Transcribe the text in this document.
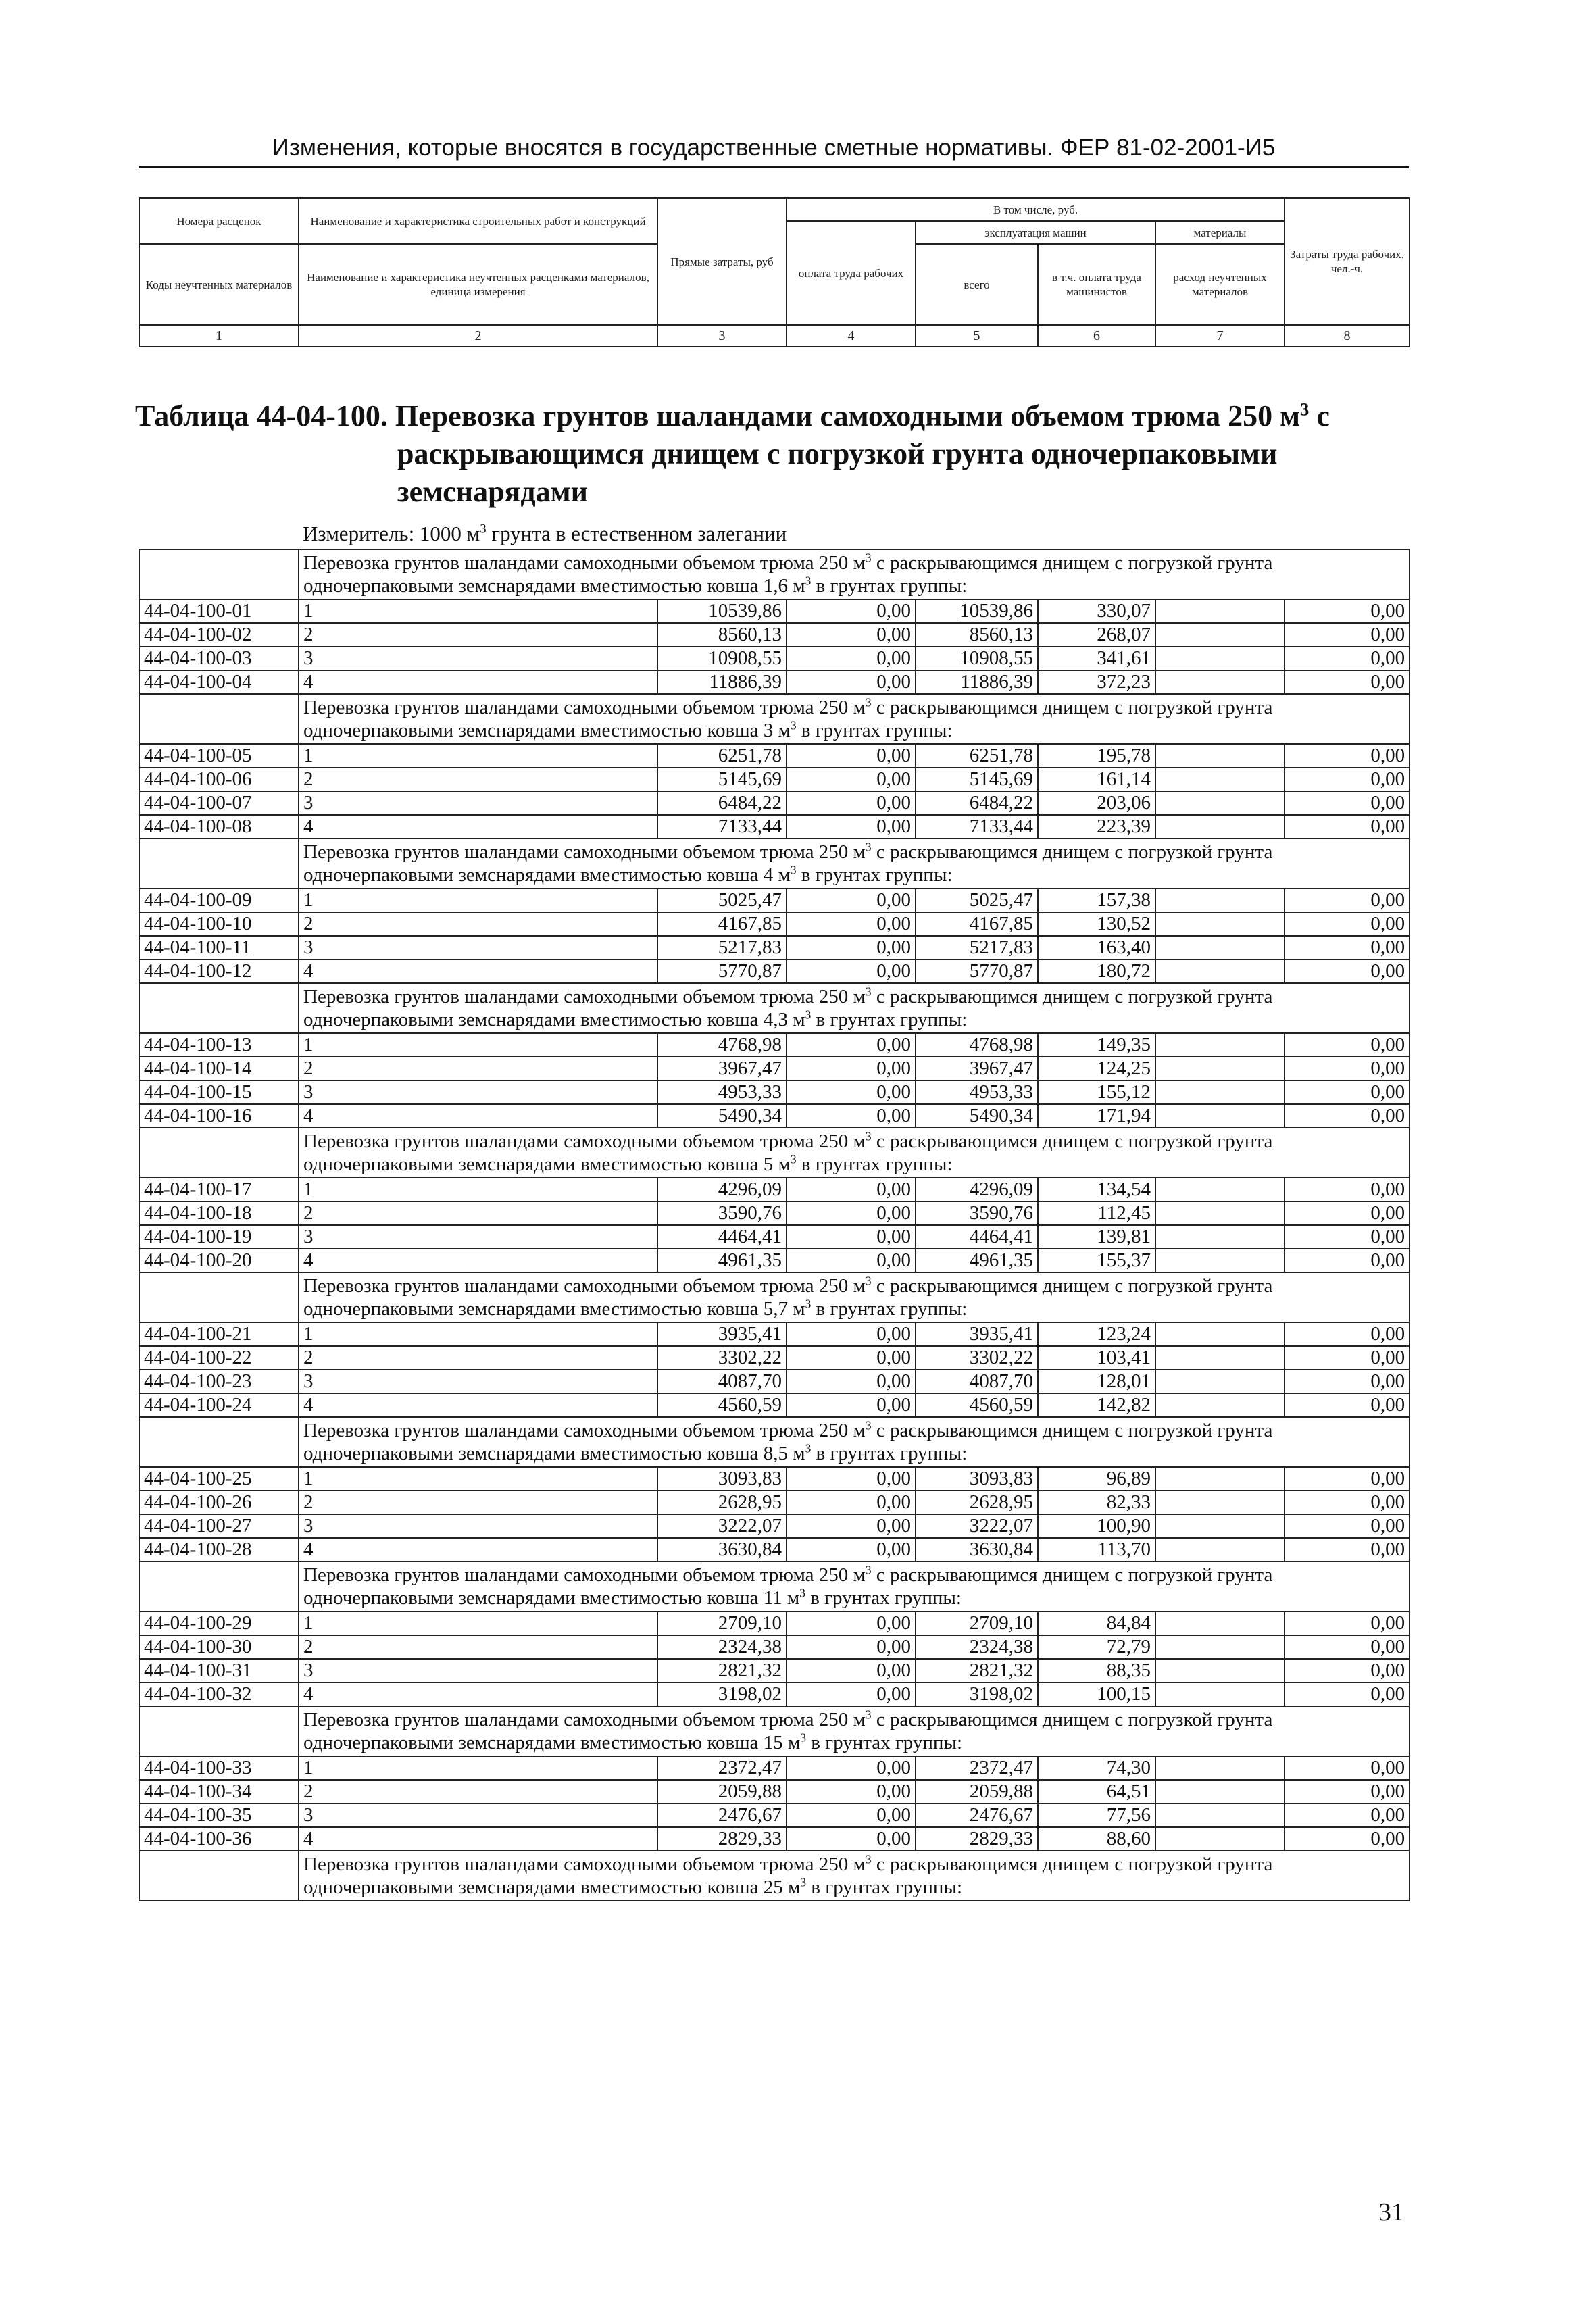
Изменения, которые вносятся в государственные сметные нормативы. ФЕР 81-02-2001-И5
Номера расценок	Наименование и характеристика строительных работ и конструкций	Прямые затраты, руб	В том числе, руб.				Затраты труда рабочих, чел.-ч.
			оплата труда рабочих	эксплуатация машин		материалы	
Коды неучтенных материалов	Наименование и характеристика неучтенных расценками материалов, единица измерения			всего	в т.ч. оплата труда машинистов	расход неучтенных материалов	

1	2	3	4	5	6	7	8
Таблица 44-04-100. Перевозка грунтов шаландами самоходными объемом трюма 250 $м^3$ с
раскрывающимся днищем с погрузкой грунта одночерпаковыми
земснарядами
Измеритель: 1000 $м^3$ грунта в естественном залегании
	Перевозка грунтов шаландами самоходными объемом трюма 250 $м^3$ с раскрывающимся днищем с погрузкой грунта одночерпаковыми земснарядами вместимостью ковша 1,6 $м^3$ в грунтах группы:						
44-04-100-01	1	10539,86	0,00	10539,86	330,07		0,00
44-04-100-02	2	8560,13	0,00	8560,13	268,07		0,00
44-04-100-03	3	10908,55	0,00	10908,55	341,61		0,00
44-04-100-04	4	11886,39	0,00	11886,39	372,23		0,00
	Перевозка грунтов шаландами самоходными объемом трюма 250 $м^3$ с раскрывающимся днищем с погрузкой грунта одночерпаковыми земснарядами вместимостью ковша 3 $м^3$ в грунтах группы:						
44-04-100-05	1	6251,78	0,00	6251,78	195,78		0,00
44-04-100-06	2	5145,69	0,00	5145,69	161,14		0,00
44-04-100-07	3	6484,22	0,00	6484,22	203,06		0,00
44-04-100-08	4	7133,44	0,00	7133,44	223,39		0,00
	Перевозка грунтов шаландами самоходными объемом трюма 250 $м^3$ с раскрывающимся днищем с погрузкой грунта одночерпаковыми земснарядами вместимостью ковша 4 $м^3$ в грунтах группы:						
44-04-100-09	1	5025,47	0,00	5025,47	157,38		0,00
44-04-100-10	2	4167,85	0,00	4167,85	130,52		0,00
44-04-100-11	3	5217,83	0,00	5217,83	163,40		0,00
44-04-100-12	4	5770,87	0,00	5770,87	180,72		0,00
	Перевозка грунтов шаландами самоходными объемом трюма 250 $м^3$ с раскрывающимся днищем с погрузкой грунта одночерпаковыми земснарядами вместимостью ковша 4,3 $м^3$ в грунтах группы:						
44-04-100-13	1	4768,98	0,00	4768,98	149,35		0,00
44-04-100-14	2	3967,47	0,00	3967,47	124,25		0,00
44-04-100-15	3	4953,33	0,00	4953,33	155,12		0,00
44-04-100-16	4	5490,34	0,00	5490,34	171,94		0,00
	Перевозка грунтов шаландами самоходными объемом трюма 250 $м^3$ с раскрывающимся днищем с погрузкой грунта одночерпаковыми земснарядами вместимостью ковша 5 $м^3$ в грунтах группы:						
44-04-100-17	1	4296,09	0,00	4296,09	134,54		0,00
44-04-100-18	2	3590,76	0,00	3590,76	112,45		0,00
44-04-100-19	3	4464,41	0,00	4464,41	139,81		0,00
44-04-100-20	4	4961,35	0,00	4961,35	155,37		0,00
	Перевозка грунтов шаландами самоходными объемом трюма 250 $м^3$ с раскрывающимся днищем с погрузкой грунта одночерпаковыми земснарядами вместимостью ковша 5,7 $м^3$ в грунтах группы:						
44-04-100-21	1	3935,41	0,00	3935,41	123,24		0,00
44-04-100-22	2	3302,22	0,00	3302,22	103,41		0,00
44-04-100-23	3	4087,70	0,00	4087,70	128,01		0,00
44-04-100-24	4	4560,59	0,00	4560,59	142,82		0,00
	Перевозка грунтов шаландами самоходными объемом трюма 250 $м^3$ с раскрывающимся днищем с погрузкой грунта одночерпаковыми земснарядами вместимостью ковша 8,5 $м^3$ в грунтах группы:						
44-04-100-25	1	3093,83	0,00	3093,83	96,89		0,00
44-04-100-26	2	2628,95	0,00	2628,95	82,33		0,00
44-04-100-27	3	3222,07	0,00	3222,07	100,90		0,00
44-04-100-28	4	3630,84	0,00	3630,84	113,70		0,00
	Перевозка грунтов шаландами самоходными объемом трюма 250 $м^3$ с раскрывающимся днищем с погрузкой грунта одночерпаковыми земснарядами вместимостью ковша 11 $м^3$ в грунтах группы:						
44-04-100-29	1	2709,10	0,00	2709,10	84,84		0,00
44-04-100-30	2	2324,38	0,00	2324,38	72,79		0,00
44-04-100-31	3	2821,32	0,00	2821,32	88,35		0,00
44-04-100-32	4	3198,02	0,00	3198,02	100,15		0,00
	Перевозка грунтов шаландами самоходными объемом трюма 250 $м^3$ с раскрывающимся днищем с погрузкой грунта одночерпаковыми земснарядами вместимостью ковша 15 $м^3$ в грунтах группы:						
44-04-100-33	1	2372,47	0,00	2372,47	74,30		0,00
44-04-100-34	2	2059,88	0,00	2059,88	64,51		0,00
44-04-100-35	3	2476,67	0,00	2476,67	77,56		0,00
44-04-100-36	4	2829,33	0,00	2829,33	88,60		0,00
	Перевозка грунтов шаландами самоходными объемом трюма 250 $м^3$ с раскрывающимся днищем с погрузкой грунта одночерпаковыми земснарядами вместимостью ковша 25 $м^3$ в грунтах группы:						
31
